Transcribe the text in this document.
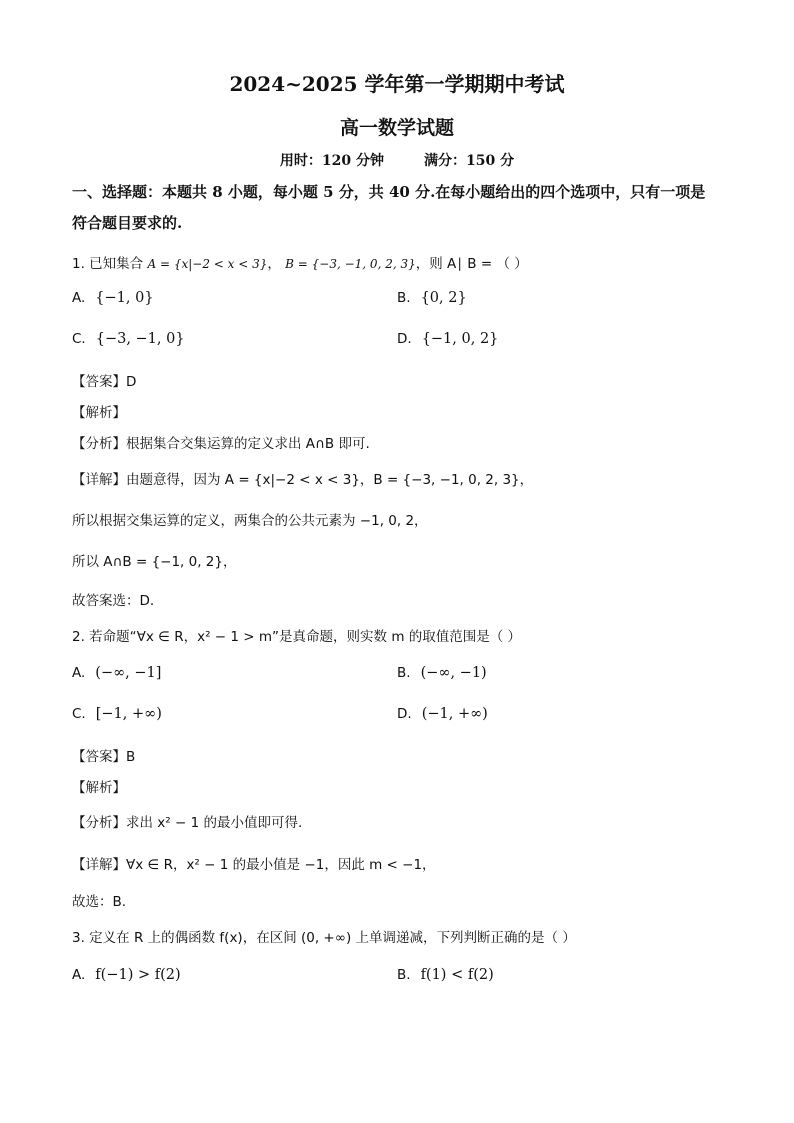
2024~2025 学年第一学期期中考试
高一数学试题
用时：120 分钟	满分：150 分
一、选择题：本题共 8 小题，每小题 5 分，共 40 分.在每小题给出的四个选项中，只有一项是
符合题目要求的.
1. 已知集合 A = {x|−2 < x < 3}， B = {−3, −1, 0, 2, 3}，则 A∣ B = （ ）
A. {−1, 0}	B. {0, 2}
C. {−3, −1, 0}	D. {−1, 0, 2}
【答案】D
【解析】
【分析】根据集合交集运算的定义求出 A∩B 即可.
【详解】由题意得，因为 A = {x|−2 < x < 3}，B = {−3, −1, 0, 2, 3}，
所以根据交集运算的定义，两集合的公共元素为 −1, 0, 2，
所以 A∩B = {−1, 0, 2}，
故答案选：D.
2. 若命题“∀x ∈ R，x² − 1 > m”是真命题，则实数 m 的取值范围是（ ）
A. (−∞, −1]	B. (−∞, −1)
C. [−1, +∞)	D. (−1, +∞)
【答案】B
【解析】
【分析】求出 x² − 1 的最小值即可得.
【详解】∀x ∈ R，x² − 1 的最小值是 −1，因此 m < −1，
故选：B.
3. 定义在 R 上的偶函数 f(x)，在区间 (0, +∞) 上单调递减，下列判断正确的是（ ）
A. f(−1) > f(2)	B. f(1) < f(2)
